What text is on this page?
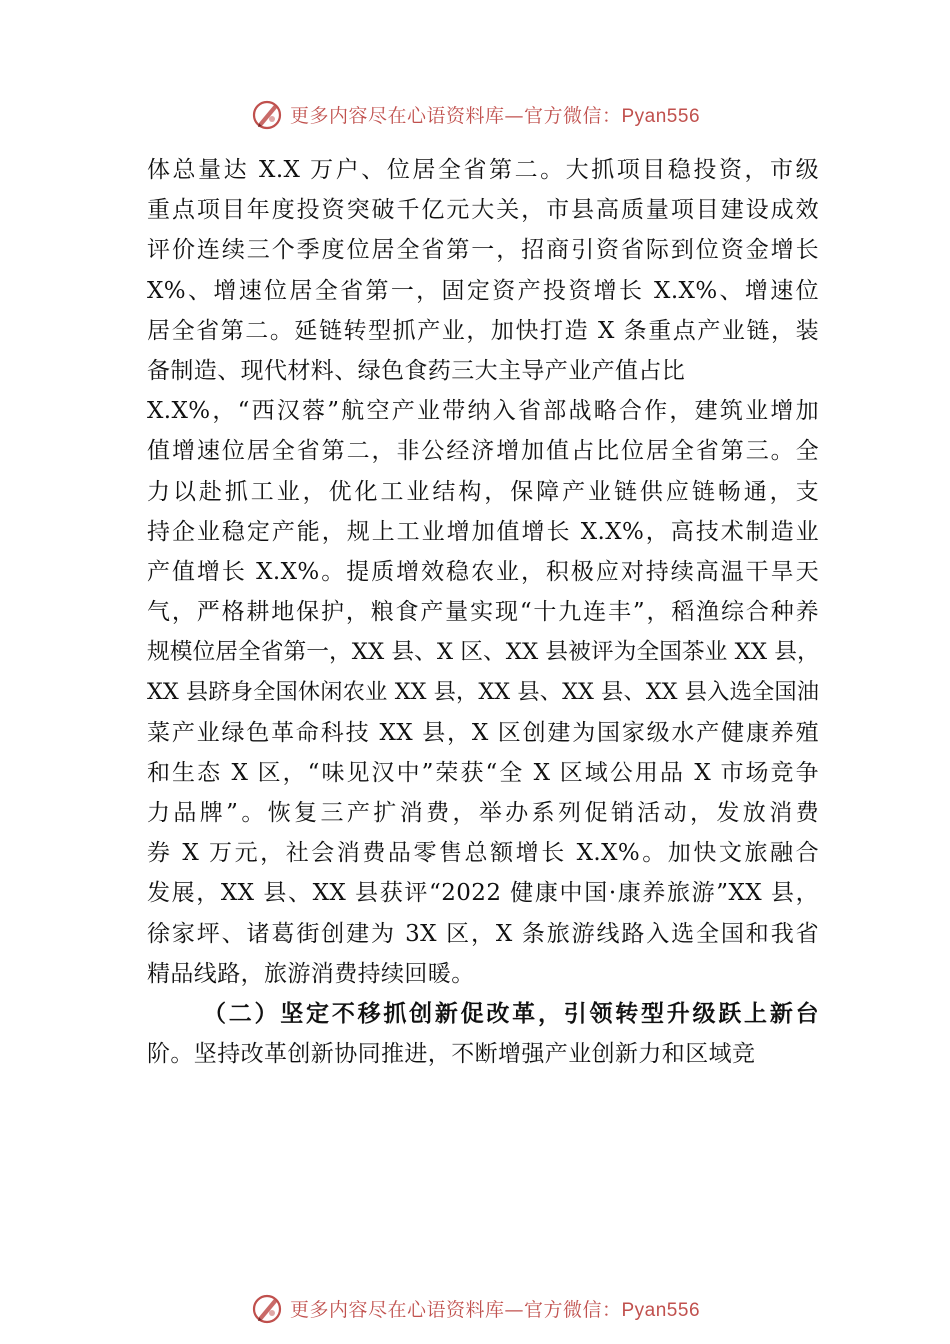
更多内容尽在心语资料库—官方微信：Pyan556
体总量达 X.X 万户、位居全省第二。大抓项目稳投资，市级
重点项目年度投资突破千亿元大关，市县高质量项目建设成效
评价连续三个季度位居全省第一，招商引资省际到位资金增长
X%、增速位居全省第一，固定资产投资增长 X.X%、增速位
居全省第二。延链转型抓产业，加快打造 X 条重点产业链，装
备制造、现代材料、绿色食药三大主导产业产值占比
X.X%，“西汉蓉”航空产业带纳入省部战略合作，建筑业增加
值增速位居全省第二，非公经济增加值占比位居全省第三。全
力以赴抓工业，优化工业结构，保障产业链供应链畅通，支
持企业稳定产能，规上工业增加值增长 X.X%，高技术制造业
产值增长 X.X%。提质增效稳农业，积极应对持续高温干旱天
气，严格耕地保护，粮食产量实现“十九连丰”，稻渔综合种养
规模位居全省第一，XX 县、X 区、XX 县被评为全国茶业 XX 县，
XX 县跻身全国休闲农业 XX 县，XX 县、XX 县、XX 县入选全国油
菜产业绿色革命科技 XX 县，X 区创建为国家级水产健康养殖
和生态 X 区，“味见汉中”荣获“全 X 区域公用品 X 市场竞争
力品牌”。恢复三产扩消费，举办系列促销活动，发放消费
券 X 万元，社会消费品零售总额增长 X.X%。加快文旅融合
发展，XX 县、XX 县获评“2022 健康中国·康养旅游”XX 县，
徐家坪、诸葛街创建为 3X 区，X 条旅游线路入选全国和我省
精品线路，旅游消费持续回暖。
（二）坚定不移抓创新促改革，引领转型升级跃上新台
阶。坚持改革创新协同推进，不断增强产业创新力和区域竞
更多内容尽在心语资料库—官方微信：Pyan556
